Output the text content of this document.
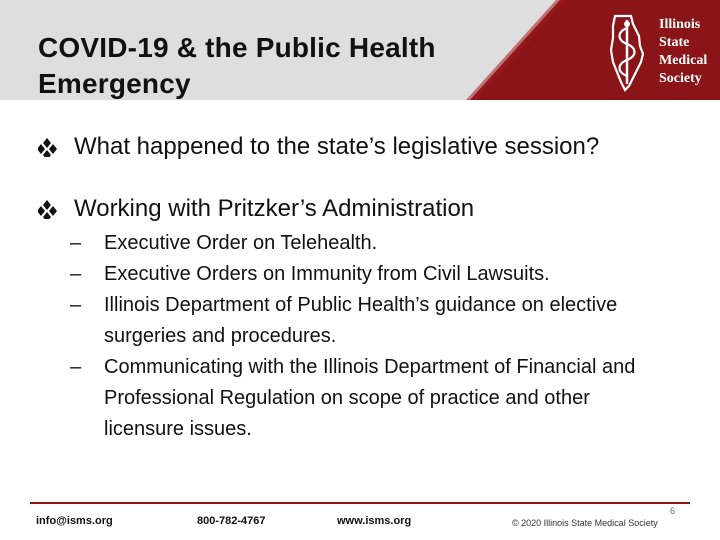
COVID-19 & the Public Health Emergency
Illinois
State
Medical
Society
What happened to the state’s legislative session?
Working with Pritzker’s Administration
– Executive Order on Telehealth.
– Executive Orders on Immunity from Civil Lawsuits.
– Illinois Department of Public Health’s guidance on elective surgeries and procedures.
– Communicating with the Illinois Department of Financial and Professional Regulation on scope of practice and other licensure issues.
info@isms.org	800-782-4767	www.isms.org	© 2020 Illinois State Medical Society
6
